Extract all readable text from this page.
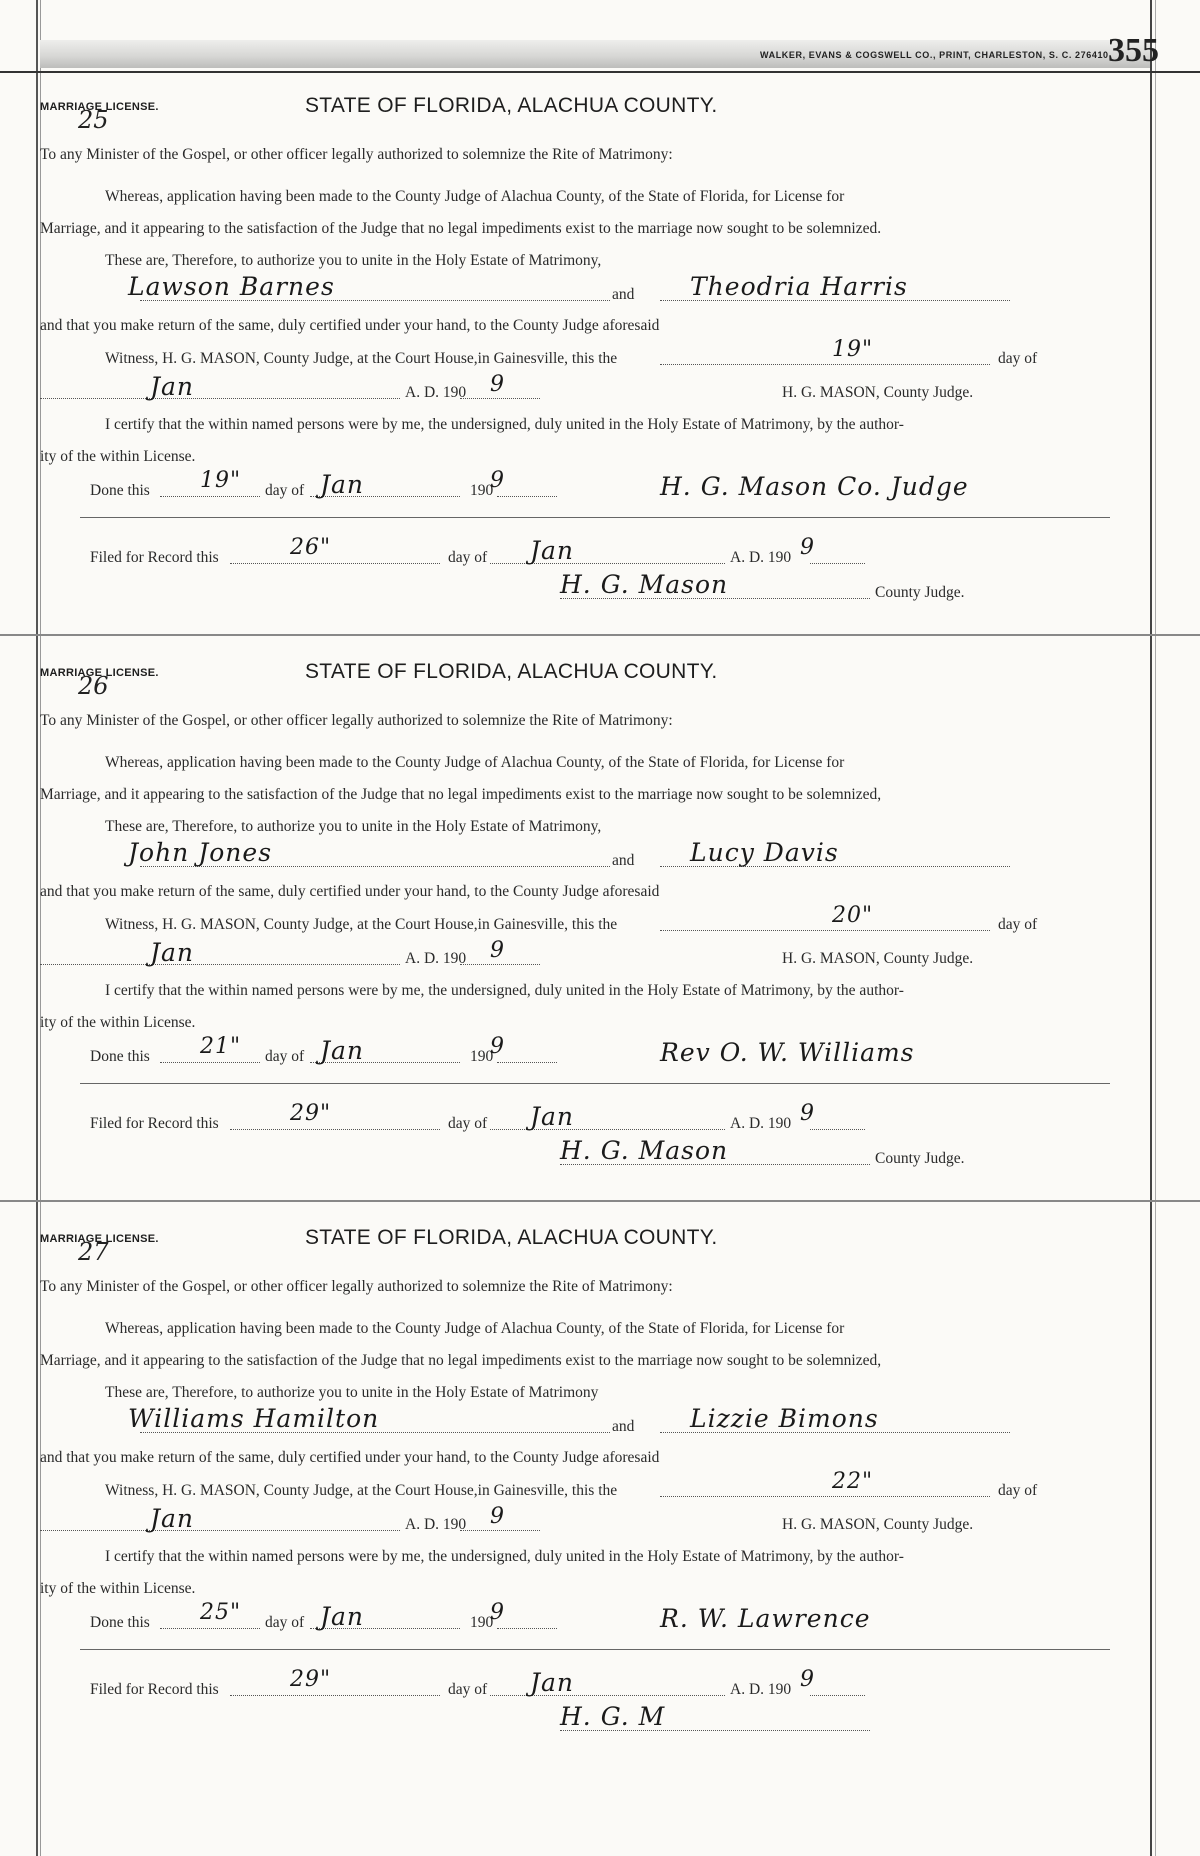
WALKER, EVANS & COGSWELL CO., PRINT, CHARLESTON, S. C. 276410 355
MARRIAGE LICENSE.
25
STATE OF FLORIDA, ALACHUA COUNTY.
To any Minister of the Gospel, or other officer legally authorized to solemnize the Rite of Matrimony:
Whereas, application having been made to the County Judge of Alachua County, of the State of Florida, for License for
Marriage, and it appearing to the satisfaction of the Judge that no legal impediments exist to the marriage now sought to be solemnized.
These are, Therefore, to authorize you to unite in the Holy Estate of Matrimony,
Lawson Barnes	and Theodria Harris
and that you make return of the same, duly certified under your hand, to the County Judge aforesaid
Witness, H. G. MASON, County Judge, at the Court House,in Gainesville, this the	19"	day of
Jan	A. D. 190 9	H. G. MASON, County Judge.
I certify that the within named persons were by me, the undersigned, duly united in the Holy Estate of Matrimony, by the author-
ity of the within License.
Done this 19" day of Jan	190
9	H. G. Mason Co. Judge
Filed for Record this	26"	day of Jan	A. D. 190 9
H. G. Mason	County Judge.
MARRIAGE LICENSE.
26
STATE OF FLORIDA, ALACHUA COUNTY.
To any Minister of the Gospel, or other officer legally authorized to solemnize the Rite of Matrimony:
Whereas, application having been made to the County Judge of Alachua County, of the State of Florida, for License for
Marriage, and it appearing to the satisfaction of the Judge that no legal impediments exist to the marriage now sought to be solemnized,
These are, Therefore, to authorize you to unite in the Holy Estate of Matrimony,
John Jones	and Lucy Davis
and that you make return of the same, duly certified under your hand, to the County Judge aforesaid
Witness, H. G. MASON, County Judge, at the Court House,in Gainesville, this the	20"	day of
Jan	A. D. 190 9	H. G. MASON, County Judge.
I certify that the within named persons were by me, the undersigned, duly united in the Holy Estate of Matrimony, by the author-
ity of the within License.
Done this 21" day of Jan	190
9	Rev O. W. Williams
Filed for Record this	29"	day of Jan	A. D. 190 9
H. G. Mason	County Judge.
MARRIAGE LICENSE.
27
STATE OF FLORIDA, ALACHUA COUNTY.
To any Minister of the Gospel, or other officer legally authorized to solemnize the Rite of Matrimony:
Whereas, application having been made to the County Judge of Alachua County, of the State of Florida, for License for
Marriage, and it appearing to the satisfaction of the Judge that no legal impediments exist to the marriage now sought to be solemnized,
These are, Therefore, to authorize you to unite in the Holy Estate of Matrimony
Williams Hamilton	and Lizzie Bimons
and that you make return of the same, duly certified under your hand, to the County Judge aforesaid
Witness, H. G. MASON, County Judge, at the Court House,in Gainesville, this the	22"	day of
Jan	A. D. 190 9	H. G. MASON, County Judge.
I certify that the within named persons were by me, the undersigned, duly united in the Holy Estate of Matrimony, by the author-
ity of the within License.
Done this 25" day of Jan	190
9	R. W. Lawrence
Filed for Record this	29"	day of Jan	A. D. 190 9
H. G. M
